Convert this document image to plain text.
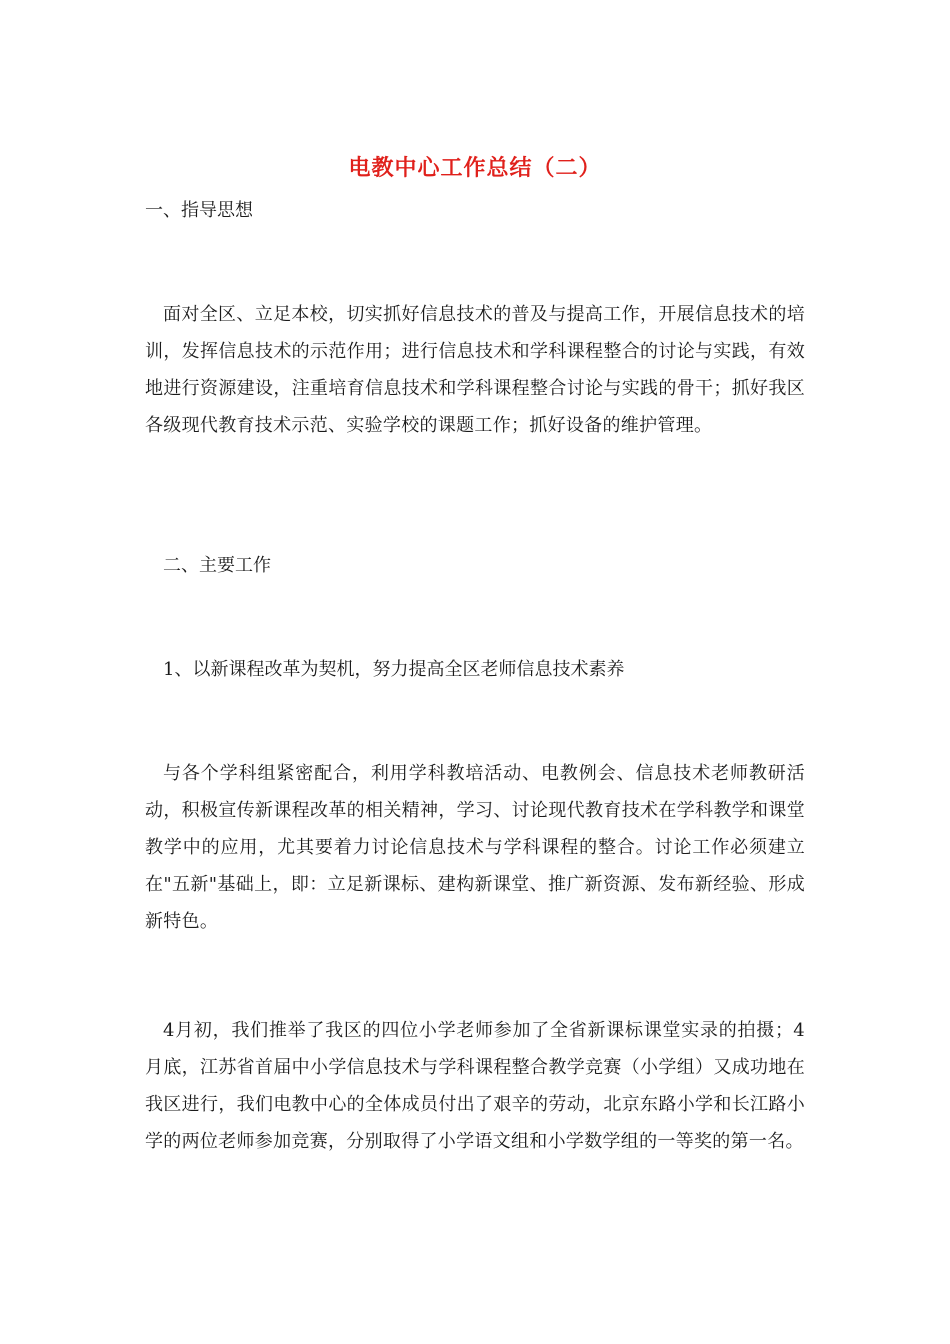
电教中心工作总结（二）
一、指导思想
面对全区、立足本校，切实抓好信息技术的普及与提高工作，开展信息技术的培训，发挥信息技术的示范作用；进行信息技术和学科课程整合的讨论与实践，有效地进行资源建设，注重培育信息技术和学科课程整合讨论与实践的骨干；抓好我区各级现代教育技术示范、实验学校的课题工作；抓好设备的维护管理。
二、主要工作
1、以新课程改革为契机，努力提高全区老师信息技术素养
与各个学科组紧密配合，利用学科教培活动、电教例会、信息技术老师教研活动，积极宣传新课程改革的相关精神，学习、讨论现代教育技术在学科教学和课堂教学中的应用，尤其要着力讨论信息技术与学科课程的整合。讨论工作必须建立在"五新"基础上，即：立足新课标、建构新课堂、推广新资源、发布新经验、形成新特色。
4月初，我们推举了我区的四位小学老师参加了全省新课标课堂实录的拍摄；4月底，江苏省首届中小学信息技术与学科课程整合教学竞赛（小学组）又成功地在我区进行，我们电教中心的全体成员付出了艰辛的劳动，北京东路小学和长江路小学的两位老师参加竞赛，分别取得了小学语文组和小学数学组的一等奖的第一名。
